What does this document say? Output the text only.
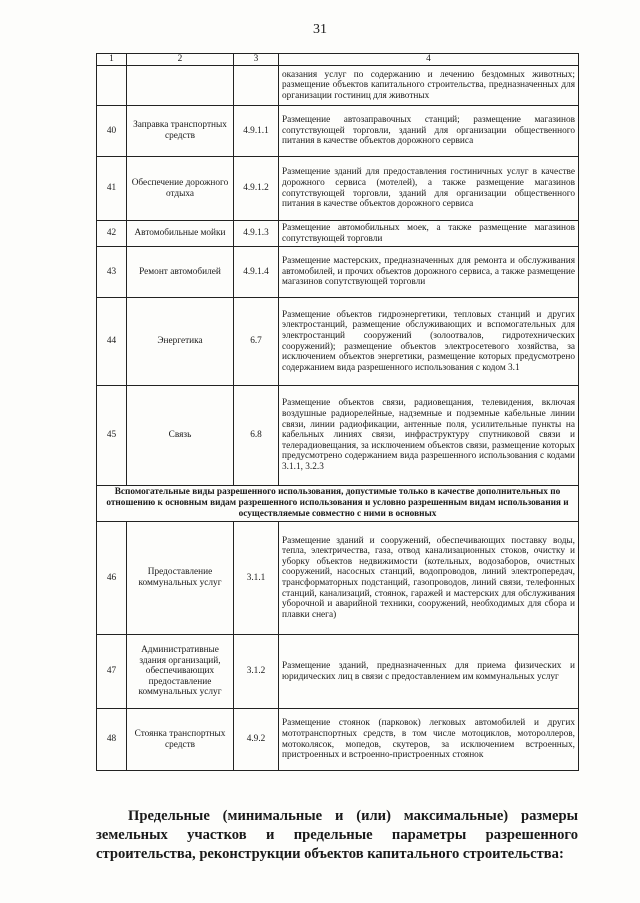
31
1	2	3	4
			оказания услуг по содержанию и лечению бездомных животных; размещение объектов капитального строительства, предназначенных для организации гостиниц для животных
40	Заправка транспортных средств	4.9.1.1	Размещение автозаправочных станций; размещение магазинов сопутствующей торговли, зданий для организации общественного питания в качестве объектов дорожного сервиса
41	Обеспечение дорожного отдыха	4.9.1.2	Размещение зданий для предоставления гостиничных услуг в качестве дорожного сервиса (мотелей), а также размещение магазинов сопутствующей торговли, зданий для организации общественного питания в качестве объектов дорожного сервиса
42	Автомобильные мойки	4.9.1.3	Размещение автомобильных моек, а также размещение магазинов сопутствующей торговли
43	Ремонт автомобилей	4.9.1.4	Размещение мастерских, предназначенных для ремонта и обслуживания автомобилей, и прочих объектов дорожного сервиса, а также размещение магазинов сопутствующей торговли
44	Энергетика	6.7	Размещение объектов гидроэнергетики, тепловых станций и других электростанций, размещение обслуживающих и вспомогательных для электростанций сооружений (золоотвалов, гидротехнических сооружений); размещение объектов электросетевого хозяйства, за исключением объектов энергетики, размещение которых предусмотрено содержанием вида разрешенного использования с кодом 3.1
45	Связь	6.8	Размещение объектов связи, радиовещания, телевидения, включая воздушные радиорелейные, надземные и подземные кабельные линии связи, линии радиофикации, антенные поля, усилительные пункты на кабельных линиях связи, инфраструктуру спутниковой связи и телерадиовещания, за исключением объектов связи, размещение которых предусмотрено содержанием вида разрешенного использования с кодами 3.1.1, 3.2.3
Вспомогательные виды разрешенного использования, допустимые только в качестве дополнительных по отношению к основным видам разрешенного использования и условно разрешенным видам использования и осуществляемые совместно с ними в основных			
46	Предоставление коммунальных услуг	3.1.1	Размещение зданий и сооружений, обеспечивающих поставку воды, тепла, электричества, газа, отвод канализационных стоков, очистку и уборку объектов недвижимости (котельных, водозаборов, очистных сооружений, насосных станций, водопроводов, линий электропередач, трансформаторных подстанций, газопроводов, линий связи, телефонных станций, канализаций, стоянок, гаражей и мастерских для обслуживания уборочной и аварийной техники, сооружений, необходимых для сбора и плавки снега)
47	Административные здания организаций, обеспечивающих предоставление коммунальных услуг	3.1.2	Размещение зданий, предназначенных для приема физических и юридических лиц в связи с предоставлением им коммунальных услуг
48	Стоянка транспортных средств	4.9.2	Размещение стоянок (парковок) легковых автомобилей и других мототранспортных средств, в том числе мотоциклов, мотороллеров, мотоколясок, мопедов, скутеров, за исключением встроенных, пристроенных и встроенно-пристроенных стоянок
Предельные (минимальные и (или) максимальные) размеры земельных участков и предельные параметры разрешенного строительства, реконструкции объектов капитального строительства:
